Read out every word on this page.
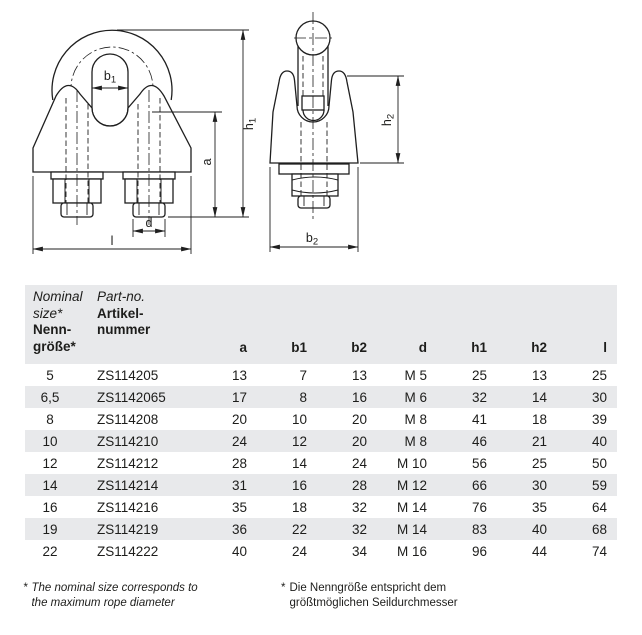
$b_1$
$h_1$
a
d
l
$h_2$
$b_2$
Nominal
size*
Nenn-
größe*
Part-no.
Artikel-
nummer
a	b1	b2	d	h1	h2	l
5	ZS114205	13	7	13	M 5	25	13	25
6,5	ZS1142065	17	8	16	M 6	32	14	30
8	ZS114208	20	10	20	M 8	41	18	39
10	ZS114210	24	12	20	M 8	46	21	40
12	ZS114212	28	14	24	M 10	56	25	50
14	ZS114214	31	16	28	M 12	66	30	59
16	ZS114216	35	18	32	M 14	76	35	64
19	ZS114219	36	22	32	M 14	83	40	68
22	ZS114222	40	24	34	M 16	96	44	74
* The nominal size corresponds to
the maximum rope diameter
* Die Nenngröße entspricht dem
größtmöglichen Seildurchmesser
